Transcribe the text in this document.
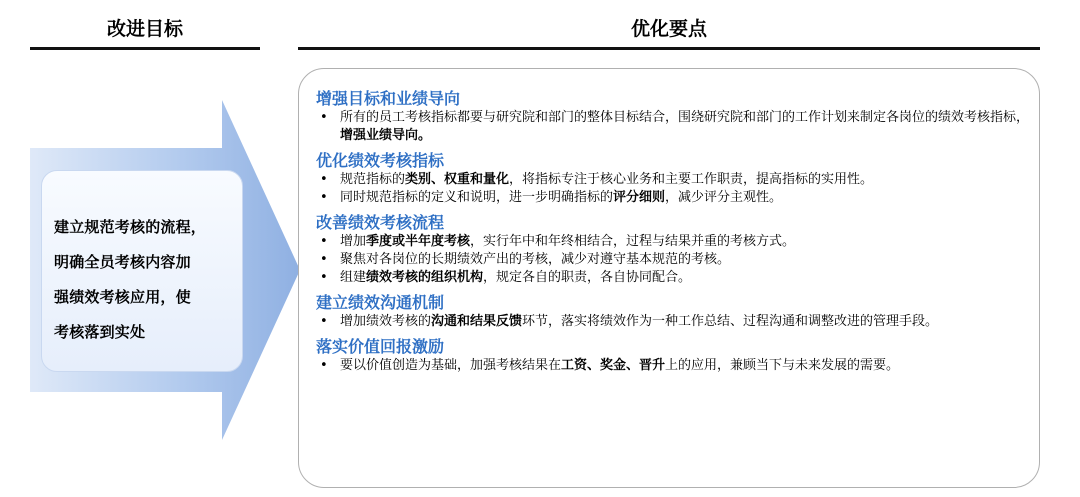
改进目标	优化要点
建立规范考核的流程，
明确全员考核内容加
强绩效考核应用，使
考核落到实处
增强目标和业绩导向
• 所有的员工考核指标都要与研究院和部门的整体目标结合，围绕研究院和部门的工作计划来制定各岗位的绩效考核指标，增强业绩导向。
优化绩效考核指标
• 规范指标的类别、权重和量化，将指标专注于核心业务和主要工作职责，提高指标的实用性。
• 同时规范指标的定义和说明，进一步明确指标的评分细则，减少评分主观性。
改善绩效考核流程
• 增加季度或半年度考核，实行年中和年终相结合，过程与结果并重的考核方式。
• 聚焦对各岗位的长期绩效产出的考核，减少对遵守基本规范的考核。
• 组建绩效考核的组织机构，规定各自的职责，各自协同配合。
建立绩效沟通机制
• 增加绩效考核的沟通和结果反馈环节，落实将绩效作为一种工作总结、过程沟通和调整改进的管理手段。
落实价值回报激励
• 要以价值创造为基础，加强考核结果在工资、奖金、晋升上的应用，兼顾当下与未来发展的需要。
